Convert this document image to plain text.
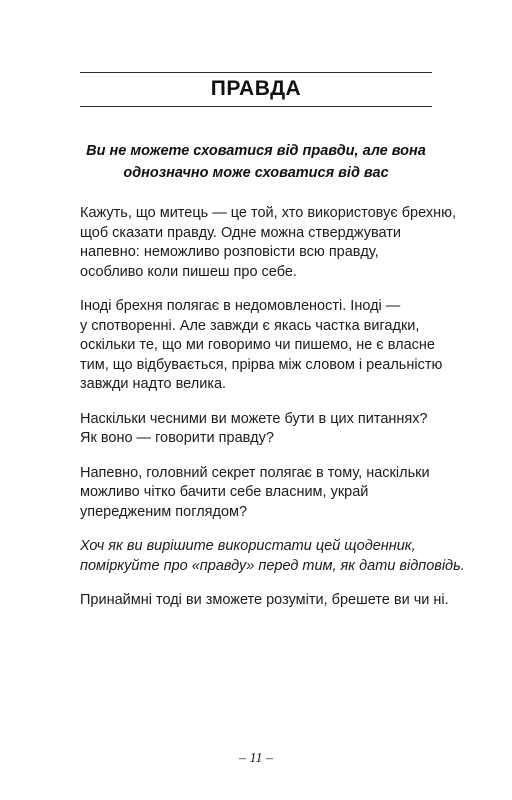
ПРАВДА
Ви не можете сховатися від правди, але вона
однозначно може сховатися від вас

Кажуть, що митець — це той, хто використовує брехню,
щоб сказати правду. Одне можна стверджувати
напевно: неможливо розповісти всю правду,
особливо коли пишеш про себе.

Іноді брехня полягає в недомовленості. Іноді —
у спотворенні. Але завжди є якась частка вигадки,
оскільки те, що ми говоримо чи пишемо, не є власне
тим, що відбувається, прірва між словом і реальністю
завжди надто велика.

Наскільки чесними ви можете бути в цих питаннях?
Як воно — говорити правду?

Напевно, головний секрет полягає в тому, наскільки
можливо чітко бачити себе власним, украй
упередженим поглядом?

Хоч як ви вирішите використати цей щоденник,
поміркуйте про «правду» перед тим, як дати відповідь.

Принаймні тоді ви зможете розуміти, брешете ви чи ні.

– 11 –
